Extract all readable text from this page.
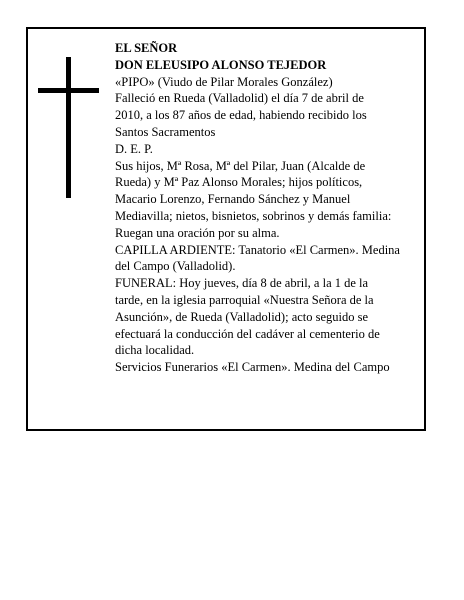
EL SEÑOR
DON ELEUSIPO ALONSO TEJEDOR
«PIPO» (Viudo de Pilar Morales González)
Falleció en Rueda (Valladolid) el día 7 de abril de
2010, a los 87 años de edad, habiendo recibido los
Santos Sacramentos
D. E. P.
Sus hijos, Mª Rosa, Mª del Pilar, Juan (Alcalde de
Rueda) y Mª Paz Alonso Morales; hijos políticos,
Macario Lorenzo, Fernando Sánchez y Manuel
Mediavilla; nietos, bisnietos, sobrinos y demás familia:
Ruegan una oración por su alma.
CAPILLA ARDIENTE: Tanatorio «El Carmen». Medina
del Campo (Valladolid).
FUNERAL: Hoy jueves, día 8 de abril, a la 1 de la
tarde, en la iglesia parroquial «Nuestra Señora de la
Asunción», de Rueda (Valladolid); acto seguido se
efectuará la conducción del cadáver al cementerio de
dicha localidad.
Servicios Funerarios «El Carmen». Medina del Campo
